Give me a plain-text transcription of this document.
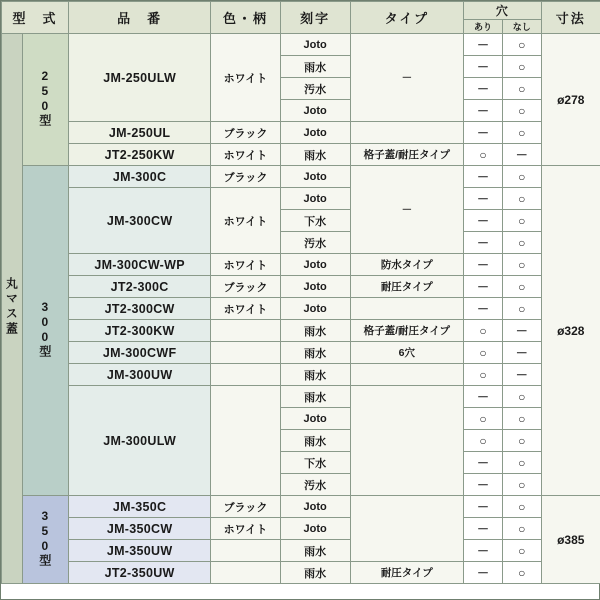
型　式		品　番	色・柄	刻字	タイプ	穴		寸法
						あり	なし	
丸マス蓋	250型	JM-250ULW	ホワイト	Joto	－	－	○	ø278
				雨水		－	○	
				汚水		－	○	
				Joto		－	○	
		JM-250UL	ブラック	Joto		－	○	
		JT2-250KW	ホワイト	雨水	格子蓋/耐圧タイプ	○	－	
	300型	JM-300C	ブラック	Joto	－	－	○	ø328
		JM-300CW	ホワイト	Joto		－	○	
				下水		－	○	
				汚水		－	○	
		JM-300CW-WP	ホワイト	Joto	防水タイプ	－	○	
		JT2-300C	ブラック	Joto	耐圧タイプ	－	○	
		JT2-300CW	ホワイト	Joto		－	○	
		JT2-300KW		雨水	格子蓋/耐圧タイプ	○	－	
		JM-300CWF		雨水	6穴	○	－	
		JM-300UW		雨水		○	－	
		JM-300ULW		雨水		－	○	
				Joto		○	○	
				雨水		○	○	
				下水		－	○	
				汚水		－	○	
	350型	JM-350C	ブラック	Joto		－	○	ø385
		JM-350CW	ホワイト	Joto		－	○	
		JM-350UW		雨水		－	○	
		JT2-350UW		雨水	耐圧タイプ	－	○	
